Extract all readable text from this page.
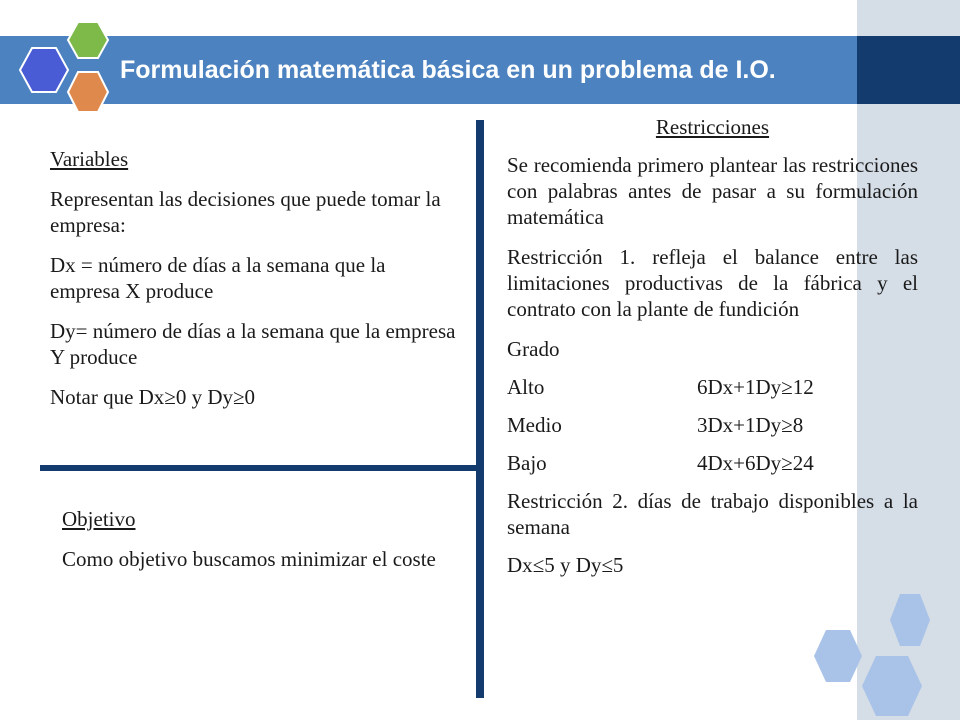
Formulación matemática básica en un problema de I.O.

Variables

Representan las decisiones que puede tomar la empresa:

Dx = número de días a la semana que la empresa X produce

Dy= número de días a la semana que la empresa Y produce

Notar que Dx≥0 y Dy≥0

Objetivo

Como objetivo buscamos minimizar el coste

Restricciones

Se recomienda primero plantear las restricciones con palabras antes de pasar a su formulación matemática

Restricción 1. refleja el balance entre las limitaciones productivas de la fábrica y el contrato con la plante de fundición

Grado

Alto	6Dx+1Dy≥12
Medio	3Dx+1Dy≥8
Bajo	4Dx+6Dy≥24

Restricción 2. días de trabajo disponibles a la semana

Dx≤5 y Dy≤5
